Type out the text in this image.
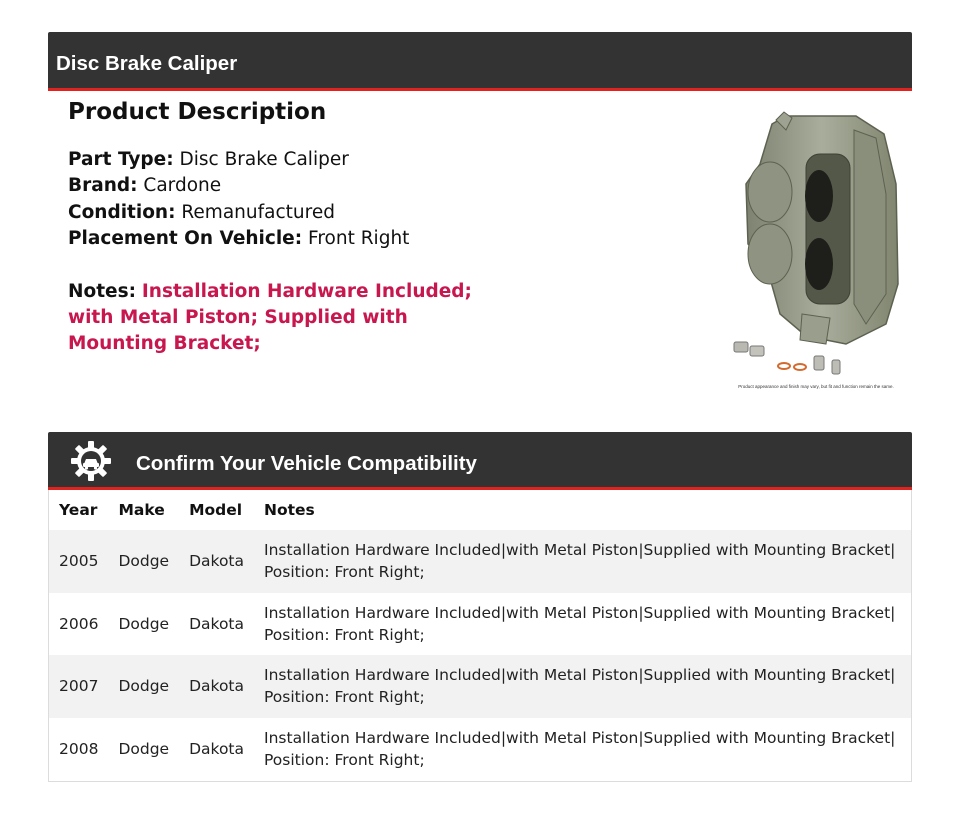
Disc Brake Caliper
Product Description
Part Type: Disc Brake Caliper
Brand: Cardone
Condition: Remanufactured
Placement On Vehicle: Front Right
Notes: Installation Hardware Included; with Metal Piston; Supplied with Mounting Bracket;
Product appearance and finish may vary, but fit and function remain the same.
Confirm Your Vehicle Compatibility
Year	Make	Model	Notes
2005	Dodge	Dakota	Installation Hardware Included|with Metal Piston|Supplied with Mounting Bracket| Position: Front Right;
2006	Dodge	Dakota	Installation Hardware Included|with Metal Piston|Supplied with Mounting Bracket| Position: Front Right;
2007	Dodge	Dakota	Installation Hardware Included|with Metal Piston|Supplied with Mounting Bracket| Position: Front Right;
2008	Dodge	Dakota	Installation Hardware Included|with Metal Piston|Supplied with Mounting Bracket| Position: Front Right;
